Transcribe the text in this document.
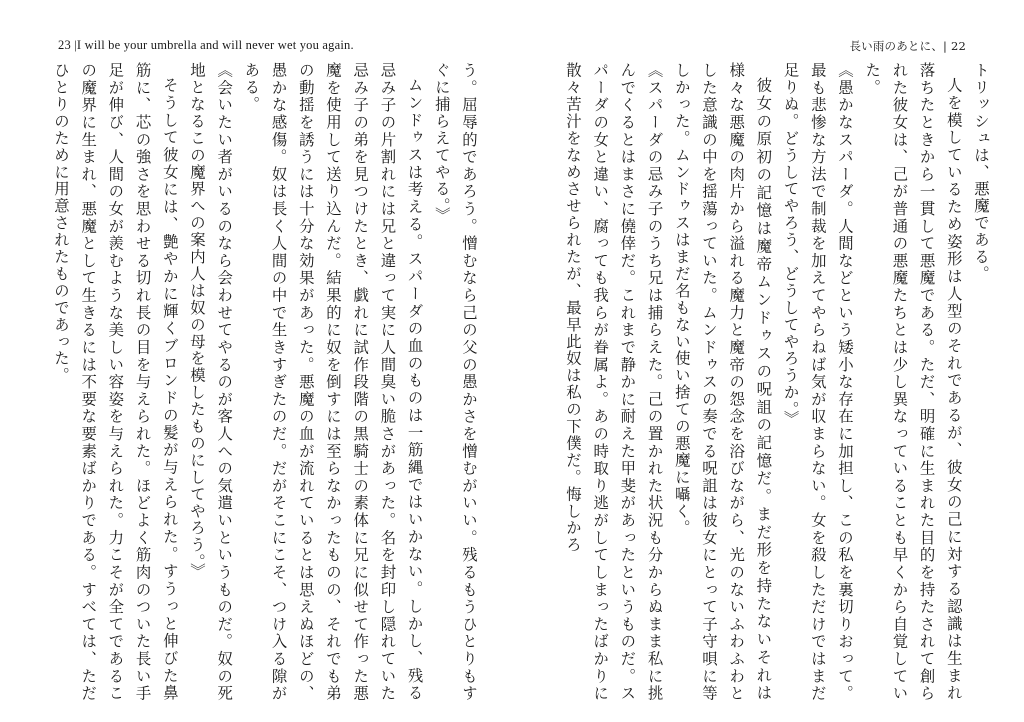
23 |I will be your umbrella and will never wet you again.

う。屈辱的であろう。憎むなら己の父の愚かさを憎むがいい。残るもうひとりもすぐに捕らえてやる。》

ムンドゥスは考える。スパーダの血のものは一筋縄ではいかない。しかし、残る忌み子の片割れには兄と違って実に人間臭い脆さがあった。名を封印し隠れていた忌み子の弟を見つけたとき、戯れに試作段階の黒騎士の素体に兄に似せて作った悪魔を使用して送り込んだ。結果的に奴を倒すには至らなかったものの、それでも弟の動揺を誘うには十分な効果があった。悪魔の血が流れているとは思えぬほどの、愚かな感傷。奴は長く人間の中で生きすぎたのだ。だがそこにこそ、つけ入る隙がある。

《会いたい者がいるのなら会わせてやるのが客人への気遣いというものだ。奴の死地となるこの魔界への案内人は奴の母を模したものにしてやろう。》

そうして彼女には、艶やかに輝くブロンドの髪が与えられた。すうっと伸びた鼻筋に、芯の強さを思わせる切れ長の目を与えられた。ほどよく筋肉のついた長い手足が伸び、人間の女が羨むような美しい容姿を与えられた。力こそが全てであるこの魔界に生まれ、悪魔として生きるには不要な要素ばかりである。すべては、ただひとりのために用意されたものであった。

長い雨のあとに、| 22

トリッシュは、悪魔である。

人を模しているため姿形は人型のそれであるが、彼女の己に対する認識は生まれ落ちたときから一貫して悪魔である。ただ、明確に生まれた目的を持たされて創られた彼女は、己が普通の悪魔たちとは少し異なっていることも早くから自覚していた。

《愚かなスパーダ。人間などという矮小な存在に加担し、この私を裏切りおって。最も悲惨な方法で制裁を加えてやらねば気が収まらない。女を殺しただけではまだ足りぬ。どうしてやろう、どうしてやろうか。》

彼女の原初の記憶は魔帝ムンドゥスの呪詛の記憶だ。まだ形を持たないそれは様々な悪魔の肉片から溢れる魔力と魔帝の怨念を浴びながら、光のないふわふわとした意識の中を揺蕩っていた。ムンドゥスの奏でる呪詛は彼女にとって子守唄に等しかった。ムンドゥスはまだ名もない使い捨ての悪魔に囁く。

《スパーダの忌み子のうち兄は捕らえた。己の置かれた状況も分からぬまま私に挑んでくるとはまさに僥倖だ。これまで静かに耐えた甲斐があったというものだ。スパーダの女と違い、腐っても我らが眷属よ。あの時取り逃がしてしまったばかりに散々苦汁をなめさせられたが、最早此奴は私の下僕だ。悔しかろ
